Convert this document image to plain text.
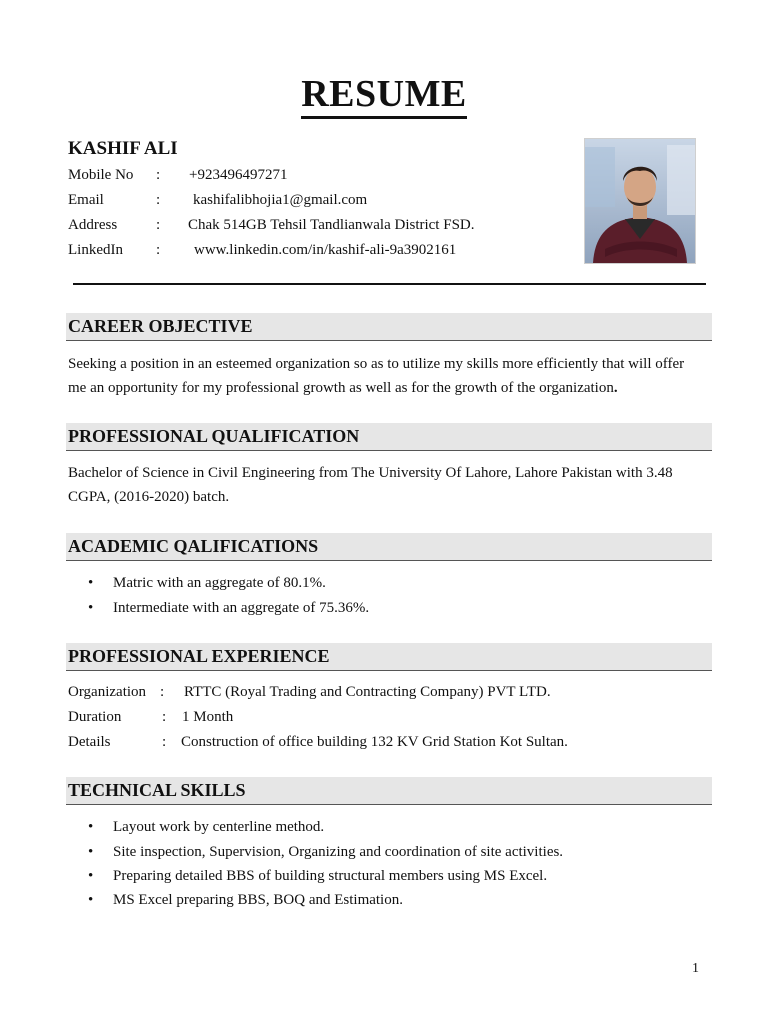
RESUME
KASHIF ALI
Mobile No : +923496497271
Email	: kashifalibhojia1@gmail.com
Address	: Chak 514GB Tehsil Tandlianwala District FSD.
LinkedIn : www.linkedin.com/in/kashif-ali-9a3902161
CAREER OBJECTIVE
Seeking a position in an esteemed organization so as to utilize my skills more efficiently that will offer
me an opportunity for my professional growth as well as for the growth of the organization.
PROFESSIONAL QUALIFICATION
Bachelor of Science in Civil Engineering from The University Of Lahore, Lahore Pakistan with 3.48
CGPA, (2016-2020) batch.
ACADEMIC QALIFICATIONS
• Matric with an aggregate of 80.1%.
• Intermediate with an aggregate of 75.36%.
PROFESSIONAL EXPERIENCE
Organization : RTTC (Royal Trading and Contracting Company) PVT LTD.
Duration	: 1 Month
Details	: Construction of office building 132 KV Grid Station Kot Sultan.
TECHNICAL SKILLS
• Layout work by centerline method.
• Site inspection, Supervision, Organizing and coordination of site activities.
• Preparing detailed BBS of building structural members using MS Excel.
• MS Excel preparing BBS, BOQ and Estimation.
1
